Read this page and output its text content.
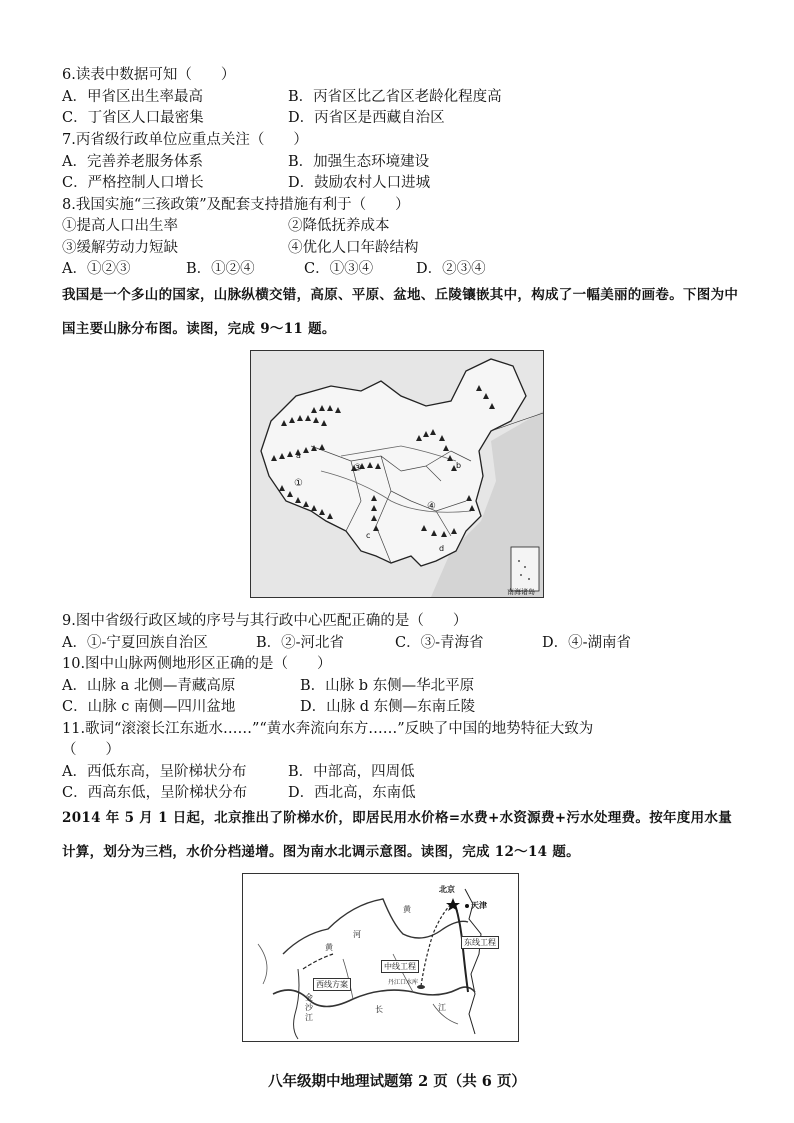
6.读表中数据可知（　　）
A．甲省区出生率最高	B．丙省区比乙省区老龄化程度高
C．丁省区人口最密集	D．丙省区是西藏自治区
7.丙省级行政单位应重点关注（　　）
A．完善养老服务体系	B．加强生态环境建设
C．严格控制人口增长	D．鼓励农村人口进城
8.我国实施“三孩政策”及配套支持措施有利于（　　）
①提高人口出生率	②降低抚养成本
③缓解劳动力短缺	④优化人口年龄结构
A．①②③	B．①②④	C．①③④	D．②③④
我国是一个多山的国家，山脉纵横交错，高原、平原、盆地、丘陵镶嵌其中，构成了一幅美丽的画卷。下图为中国主要山脉分布图。读图，完成 9～11 题。
①
③
④
a
b
c
d
南海诸岛
9.图中省级行政区域的序号与其行政中心匹配正确的是（　　）
A．①-宁夏回族自治区	B．②-河北省	C．③-青海省	D．④-湖南省
10.图中山脉两侧地形区正确的是（　　）
A．山脉 a 北侧—青藏高原	B．山脉 b 东侧—华北平原
C．山脉 c 南侧—四川盆地	D．山脉 d 东侧—东南丘陵
11.歌词“滚滚长江东逝水……”“黄水奔流向东方……”反映了中国的地势特征大致为
（　　）
A．西低东高，呈阶梯状分布	B．中部高，四周低
C．西高东低，呈阶梯状分布	D．西北高，东南低
2014 年 5 月 1 日起，北京推出了阶梯水价，即居民用水价格=水费+水资源费+污水处理费。按年度用水量计算，划分为三档，水价分档递增。图为南水北调示意图。读图，完成 12～14 题。
北京
天津
东线工程
中线工程
西线方案	丹江口水库
黄
黄
河
长	江
金
沙
江
八年级期中地理试题第 2 页（共 6 页）
